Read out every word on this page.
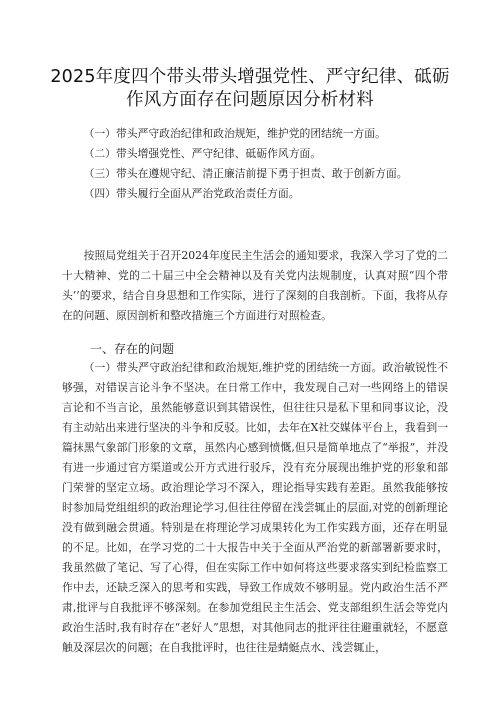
2025年度四个带头带头增强党性、严守纪律、砥砺
作风方面存在问题原因分析材料

（一）带头严守政治纪律和政治规矩，维护党的团结统一方面。

（二）带头增强党性、严守纪律、砥砺作风方面。

（三）带头在遵规守纪、清正廉洁前提下勇于担责、敢于创新方面。

（四）带头履行全面从严治党政治责任方面。

按照局党组关于召开2024年度民主生活会的通知要求，我深入学习了党的二十大精神、党的二十届三中全会精神以及有关党内法规制度，认真对照“四个带头’’的要求，结合自身思想和工作实际，进行了深刻的自我剖析。下面，我将从存在的问题、原因剖析和整改措施三个方面进行对照检查。

一、存在的问题

（一）带头严守政治纪律和政治规矩,维护党的团结统一方面。政治敏锐性不够强，对错误言论斗争不坚决。在日常工作中，我发现自己对一些网络上的错误言论和不当言论，虽然能够意识到其错误性，但往往只是私下里和同事议论，没有主动站出来进行坚决的斗争和反驳。比如，去年在X社交媒体平台上，我看到一篇抹黑气象部门形象的文章，虽然内心感到愤慨,但只是简单地点了“举报”，并没有进一步通过官方渠道或公开方式进行驳斥，没有充分展现出维护党的形象和部门荣誉的坚定立场。政治理论学习不深入，理论指导实践有差距。虽然我能够按时参加局党组组织的政治理论学习,但往往停留在浅尝辄止的层面,对党的创新理论没有做到融会贯通。特别是在将理论学习成果转化为工作实践方面，还存在明显的不足。比如，在学习党的二十大报告中关于全面从严治党的新部署新要求时，我虽然做了笔记、写了心得，但在实际工作中如何将这些要求落实到纪检监察工作中去，还缺乏深入的思考和实践，导致工作成效不够明显。党内政治生活不严肃,批评与自我批评不够深刻。在参加党组民主生活会、党支部组织生活会等党内政治生活时,我有时存在“老好人”思想，对其他同志的批评往往避重就轻，不愿意触及深层次的问题；在自我批评时，也往往是蜻蜓点水、浅尝辄止，
